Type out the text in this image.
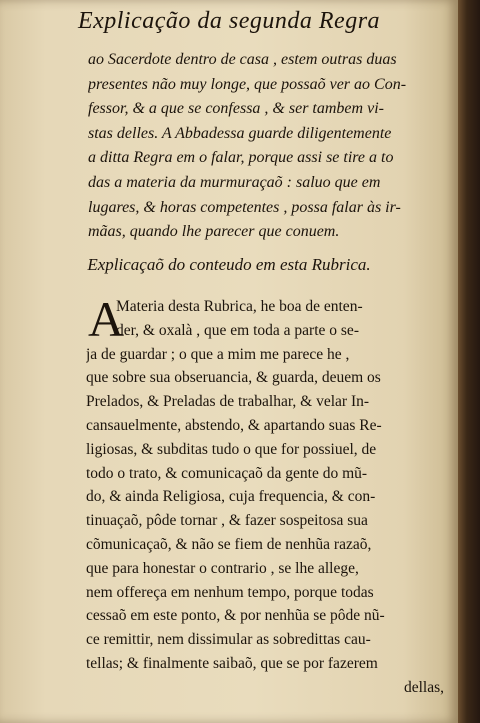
Explicação da segunda Regra
ao Sacerdote dentro de casa , estem outras duas
presentes não muy longe, que possaõ ver ao Con-
fessor, & a que se confessa , & ser tambem vi-
stas delles. A Abbadessa guarde diligentemente
a ditta Regra em o falar, porque assi se tire a to
das a materia da murmuraçaõ : saluo que em
lugares, & horas competentes , possa falar às ir-
mãas, quando lhe parecer que conuem.
Explicaçaõ do conteudo em esta Rubrica.
A
Materia desta Rubrica, he boa de enten-
der, & oxalà , que em toda a parte o se-
ja de guardar ; o que a mim me parece he ,
que sobre sua obseruancia, & guarda, deuem os
Prelados, & Preladas de trabalhar, & velar In-
cansauelmente, abstendo, & apartando suas Re-
ligiosas, & subditas tudo o que for possiuel, de
todo o trato, & comunicaçaõ da gente do mũ-
do, & ainda Religiosa, cuja frequencia, & con-
tinuaçaõ, pôde tornar , & fazer sospeitosa sua
cõmunicaçaõ, & não se fiem de nenhũa razaõ,
que para honestar o contrario , se lhe allege,
nem offereça em nenhum tempo, porque todas
cessaõ em este ponto, & por nenhũa se pôde nũ-
ce remittir, nem dissimular as sobredittas cau-
tellas; & finalmente saibaõ, que se por fazerem
dellas,
